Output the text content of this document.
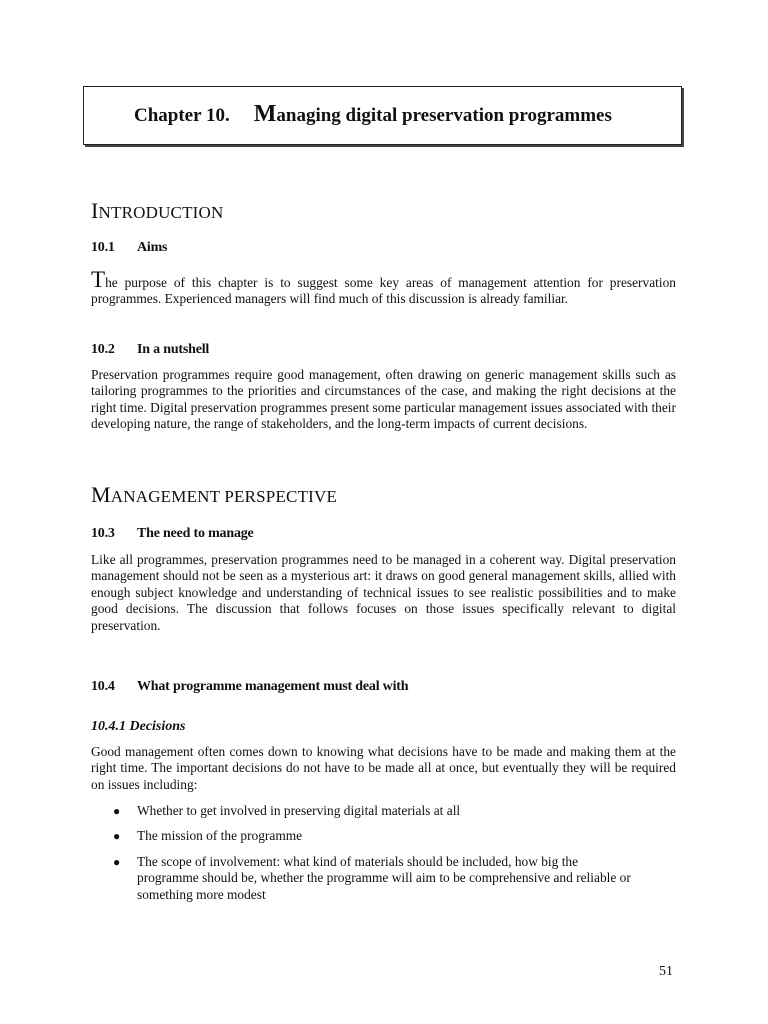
Chapter 10. Managing digital preservation programmes
INTRODUCTION
10.1 Aims
The purpose of this chapter is to suggest some key areas of management attention for preservation programmes. Experienced managers will find much of this discussion is already familiar.
10.2 In a nutshell
Preservation programmes require good management, often drawing on generic management skills such as tailoring programmes to the priorities and circumstances of the case, and making the right decisions at the right time. Digital preservation programmes present some particular management issues associated with their developing nature, the range of stakeholders, and the long-term impacts of current decisions.
MANAGEMENT PERSPECTIVE
10.3 The need to manage
Like all programmes, preservation programmes need to be managed in a coherent way. Digital preservation management should not be seen as a mysterious art: it draws on good general management skills, allied with enough subject knowledge and understanding of technical issues to see realistic possibilities and to make good decisions. The discussion that follows focuses on those issues specifically relevant to digital preservation.
10.4 What programme management must deal with
10.4.1 Decisions
Good management often comes down to knowing what decisions have to be made and making them at the right time. The important decisions do not have to be made all at once, but eventually they will be required on issues including:
● Whether to get involved in preserving digital materials at all
● The mission of the programme
● The scope of involvement: what kind of materials should be included, how big the programme should be, whether the programme will aim to be comprehensive and reliable or something more modest
51
